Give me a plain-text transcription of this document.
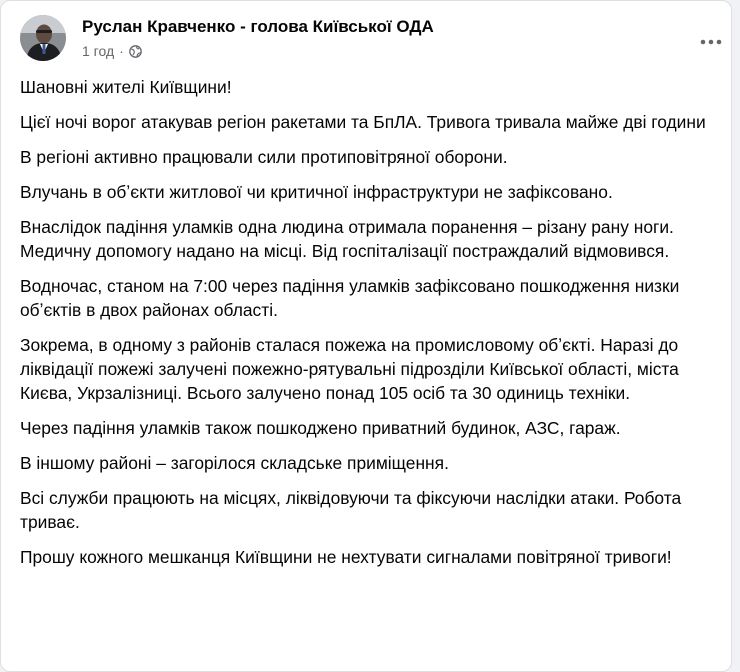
Руслан Кравченко - голова Київської ОДА
1 год ·

Шановні жителі Київщини!

Цієї ночі ворог атакував регіон ракетами та БпЛА. Тривога тривала майже дві години

В регіоні активно працювали сили протиповітряної оборони.

Влучань в обʼєкти житлової чи критичної інфраструктури не зафіксовано.

Внаслідок падіння уламків одна людина отримала поранення – різану рану ноги. Медичну допомогу надано на місці. Від госпіталізації постраждалий відмовився.

Водночас, станом на 7:00 через падіння уламків зафіксовано пошкодження низки обʼєктів в двох районах області.

Зокрема, в одному з районів сталася пожежа на промисловому обʼєкті. Наразі до ліквідації пожежі залучені пожежно-рятувальні підрозділи Київської області, міста Києва, Укрзалізниці. Всього залучено понад 105 осіб та 30 одиниць техніки.

Через падіння уламків також пошкоджено приватний будинок, АЗС, гараж.

В іншому районі – загорілося складське приміщення.

Всі служби працюють на місцях, ліквідовуючи та фіксуючи наслідки атаки. Робота триває.

Прошу кожного мешканця Київщини не нехтувати сигналами повітряної тривоги!
